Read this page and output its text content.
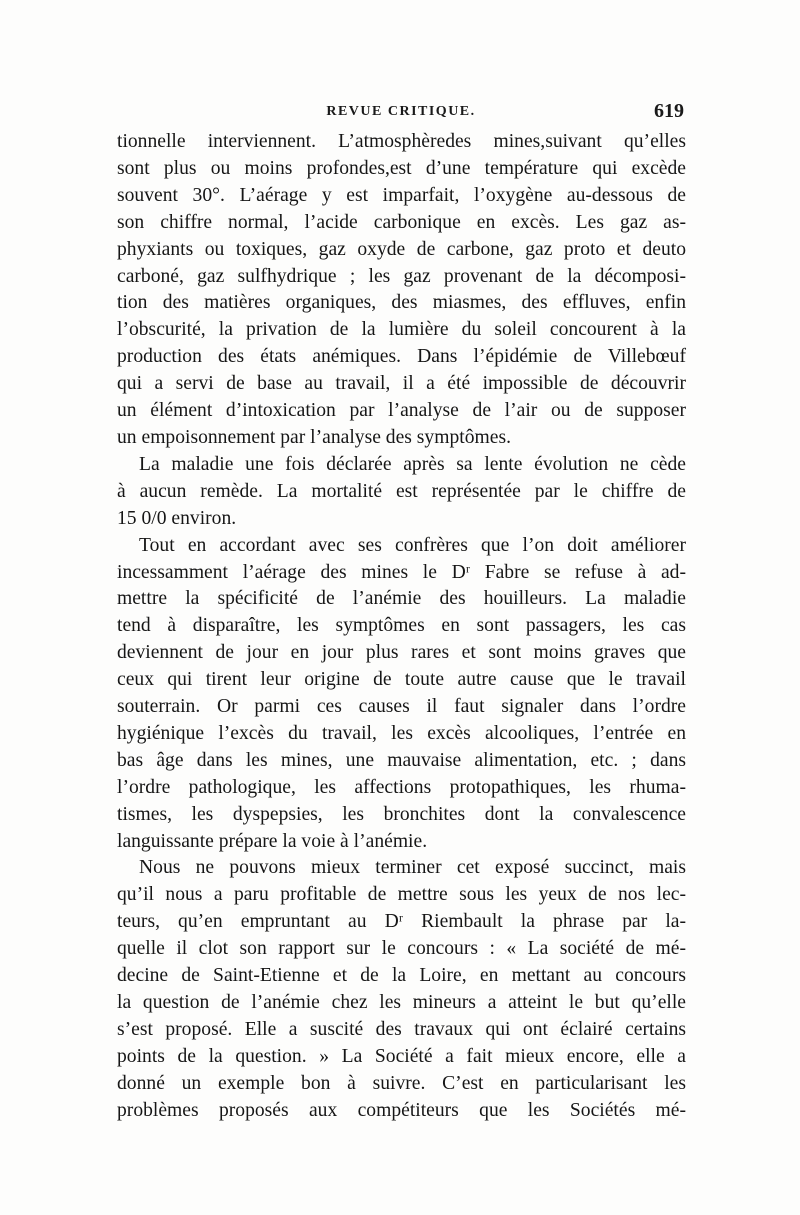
REVUE CRITIQUE.	619

tionnelle interviennent. L’atmosphèredes mines,suivant qu’elles

sont plus ou moins profondes,est d’une température qui excède

souvent 30°. L’aérage y est imparfait, l’oxygène au-dessous de

son chiffre normal, l’acide carbonique en excès. Les gaz as-

phyxiants ou toxiques, gaz oxyde de carbone, gaz proto et deuto

carboné, gaz sulfhydrique ; les gaz provenant de la décomposi-

tion des matières organiques, des miasmes, des effluves, enfin

l’obscurité, la privation de la lumière du soleil concourent à la

production des états anémiques. Dans l’épidémie de Villebœuf

qui a servi de base au travail, il a été impossible de découvrir

un élément d’intoxication par l’analyse de l’air ou de supposer

un empoisonnement par l’analyse des symptômes.

La maladie une fois déclarée après sa lente évolution ne cède

à aucun remède. La mortalité est représentée par le chiffre de

15 0/0 environ.

Tout en accordant avec ses confrères que l’on doit améliorer

incessamment l’aérage des mines le Dʳ Fabre se refuse à ad-

mettre la spécificité de l’anémie des houilleurs. La maladie

tend à disparaître, les symptômes en sont passagers, les cas

deviennent de jour en jour plus rares et sont moins graves que

ceux qui tirent leur origine de toute autre cause que le travail

souterrain. Or parmi ces causes il faut signaler dans l’ordre

hygiénique l’excès du travail, les excès alcooliques, l’entrée en

bas âge dans les mines, une mauvaise alimentation, etc. ; dans

l’ordre pathologique, les affections protopathiques, les rhuma-

tismes, les dyspepsies, les bronchites dont la convalescence

languissante prépare la voie à l’anémie.

Nous ne pouvons mieux terminer cet exposé succinct, mais

qu’il nous a paru profitable de mettre sous les yeux de nos lec-

teurs, qu’en empruntant au Dʳ Riembault la phrase par la-

quelle il clot son rapport sur le concours : « La société de mé-

decine de Saint-Etienne et de la Loire, en mettant au concours

la question de l’anémie chez les mineurs a atteint le but qu’elle

s’est proposé. Elle a suscité des travaux qui ont éclairé certains

points de la question. » La Société a fait mieux encore, elle a

donné un exemple bon à suivre. C’est en particularisant les

problèmes proposés aux compétiteurs que les Sociétés mé-
